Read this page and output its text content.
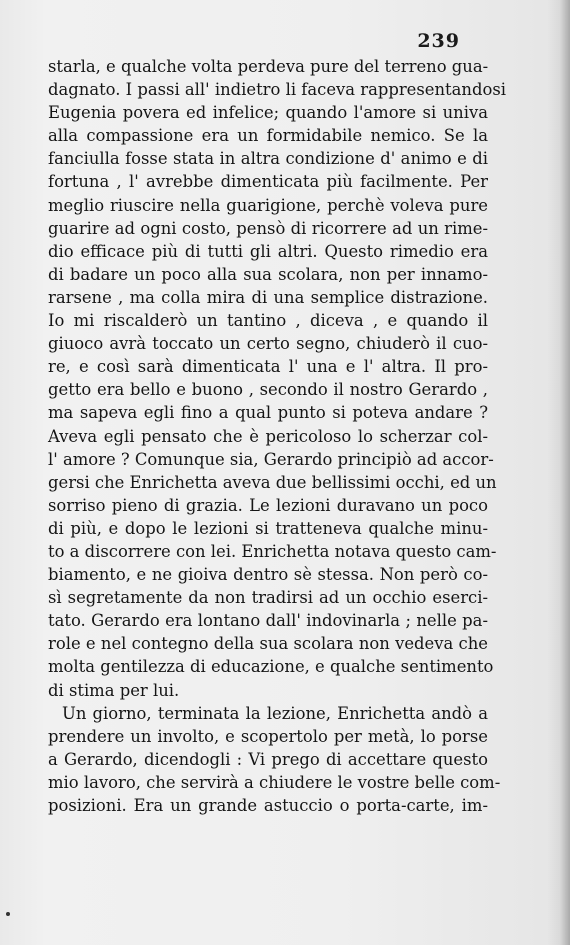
239
starla, e qualche volta perdeva pure del terreno gua-
dagnato. I passi all' indietro li faceva rappresentandosi
Eugenia povera ed infelice; quando l'amore si univa
alla compassione era un formidabile nemico. Se la
fanciulla fosse stata in altra condizione d' animo e di
fortuna , l' avrebbe dimenticata più facilmente. Per
meglio riuscire nella guarigione, perchè voleva pure
guarire ad ogni costo, pensò di ricorrere ad un rime-
dio efficace più di tutti gli altri. Questo rimedio era
di badare un poco alla sua scolara, non per innamo-
rarsene , ma colla mira di una semplice distrazione.
Io mi riscalderò un tantino , diceva , e quando il
giuoco avrà toccato un certo segno, chiuderò il cuo-
re, e così sarà dimenticata l' una e l' altra. Il pro-
getto era bello e buono , secondo il nostro Gerardo ,
ma sapeva egli fino a qual punto si poteva andare ?
Aveva egli pensato che è pericoloso lo scherzar col-
l' amore ? Comunque sia, Gerardo principiò ad accor-
gersi che Enrichetta aveva due bellissimi occhi, ed un
sorriso pieno di grazia. Le lezioni duravano un poco
di più, e dopo le lezioni si tratteneva qualche minu-
to a discorrere con lei. Enrichetta notava questo cam-
biamento, e ne gioiva dentro sè stessa. Non però co-
sì segretamente da non tradirsi ad un occhio eserci-
tato. Gerardo era lontano dall' indovinarla ; nelle pa-
role e nel contegno della sua scolara non vedeva che
molta gentilezza di educazione, e qualche sentimento
di stima per lui.
Un giorno, terminata la lezione, Enrichetta andò a
prendere un involto, e scopertolo per metà, lo porse
a Gerardo, dicendogli : Vi prego di accettare questo
mio lavoro, che servirà a chiudere le vostre belle com-
posizioni. Era un grande astuccio o porta-carte, im-
